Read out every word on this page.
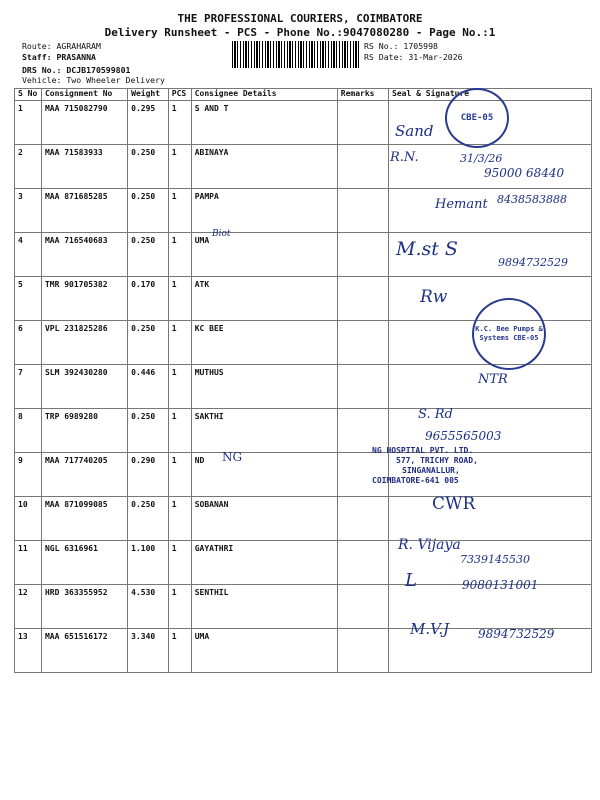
THE PROFESSIONAL COURIERS, COIMBATORE
Delivery Runsheet - PCS - Phone No.:9047080280 - Page No.:1
Route: AGRAHARAM
Staff: PRASANNA
DRS No.: DCJB170599801
Vehicle: Two Wheeler Delivery
RS No.: 1705998
RS Date: 31-Mar-2026
S No	Consignment No	Weight	PCS	Consignee Details	Remarks	Seal & Signature
1	MAA 715082790	0.295	1	S AND T		
2	MAA 71583933	0.250	1	ABINAYA		
3	MAA 871685285	0.250	1	PAMPA		
4	MAA 716540683	0.250	1	UMA		
5	TMR 901705382	0.170	1	ATK		
6	VPL 231825286	0.250	1	KC BEE		
7	SLM 392430280	0.446	1	MUTHUS		
8	TRP 6989280	0.250	1	SAKTHI		
9	MAA 717740205	0.290	1	ND		
10	MAA 871099085	0.250	1	SOBANAN		
11	NGL 6316961	1.100	1	GAYATHRI		
12	HRD 363355952	4.530	1	SENTHIL		
13	MAA 651516172	3.340	1	UMA		
CBE-05
Sand
R.N.	31/3/26
95000 68440
Hemant 8438583888
Biot
M.st S
9894732529
Rw
K.C. Bee Pumps & Systems CBE-05
NTR
S. Rd
9655565003
NG	NG HOSPITAL PVT. LTD.
577, TRICHY ROAD,
SINGANALLUR,
COIMBATORE-641 005
CWR
R. Vijaya
7339145530
L	9080131001
M.V.J 9894732529
